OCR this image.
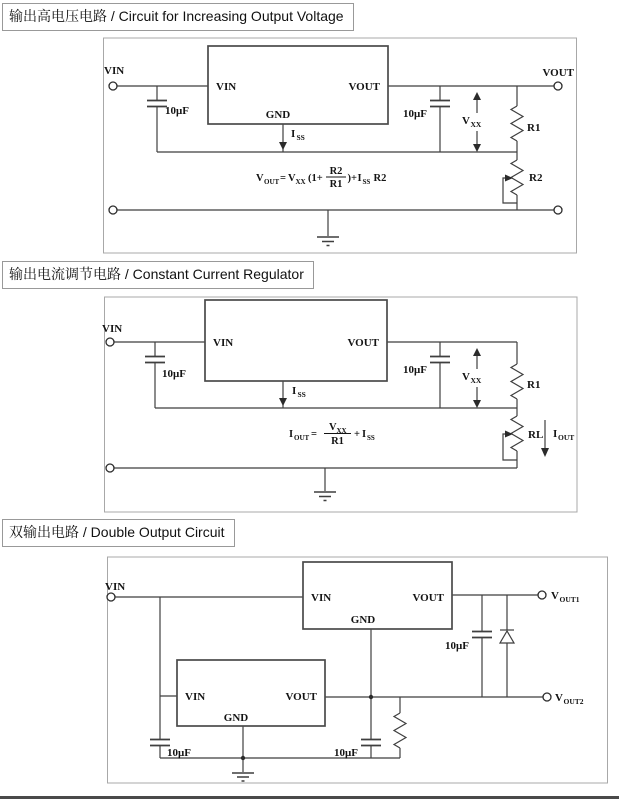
输出高电压电路 / Circuit for Increasing Output Voltage
输出电流调节电路 / Constant Current Regulator
双输出电路 / Double Output Circuit
VIN	VOUT
GND
10μF	10μF
I SS
V XX	R1
R2
VIN	VOUT
V OUT = V XX (1+
R2
R1
)+ I SS R2
VIN	VOUT
10μF	10μF
I SS
V XX	R1
RL I OUT
VIN
I OUT =
V XX
R1
+ I SS
VIN	VOUT
GND
VIN	VOUT
GND
10μF
10μF	10μF
VIN
V OUT1
V OUT2
